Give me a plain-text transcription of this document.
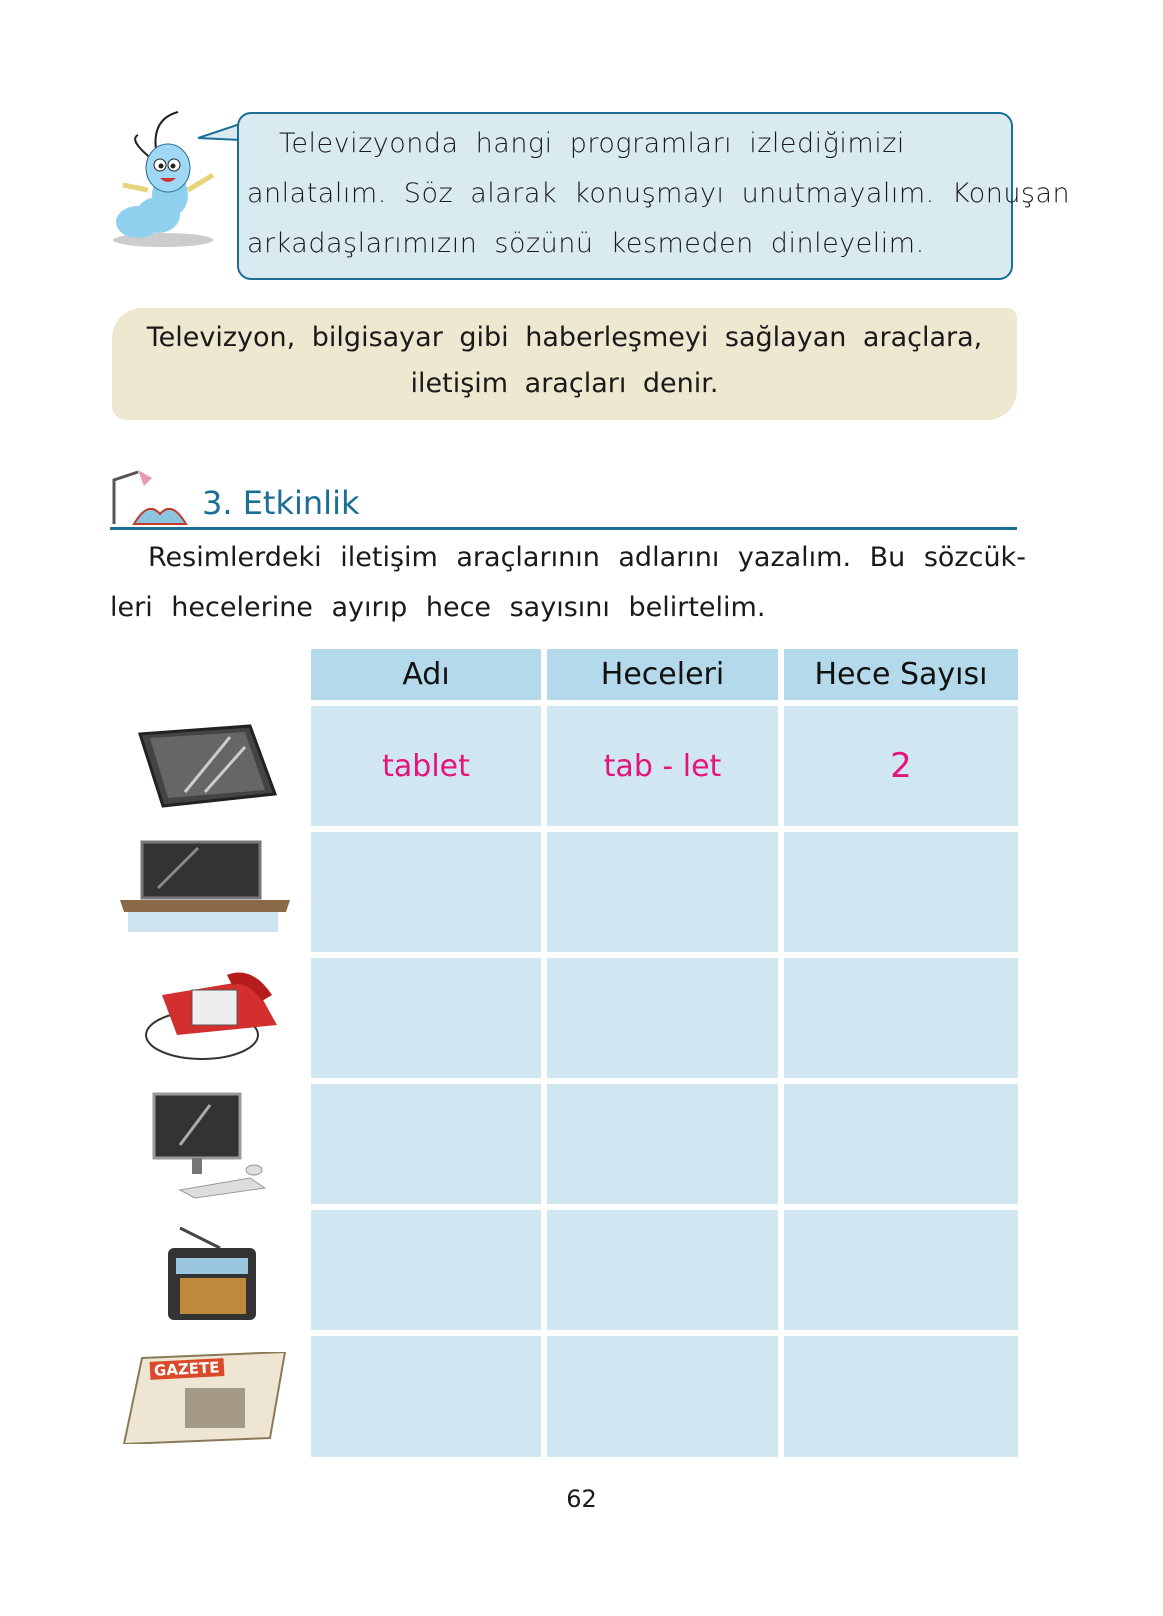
Televizyonda hangi programları izlediğimizi
anlatalım. Söz alarak konuşmayı unutmayalım. Konuşan
arkadaşlarımızın sözünü kesmeden dinleyelim.
Televizyon, bilgisayar gibi haberleşmeyi sağlayan araçlara,
iletişim araçları denir.
3. Etkinlik
Resimlerdeki iletişim araçlarının adlarını yazalım. Bu sözcük-
leri hecelerine ayırıp hece sayısını belirtelim.
Adı	Heceleri	Hece Sayısı
tablet	tab - let	2
GAZETE
62
